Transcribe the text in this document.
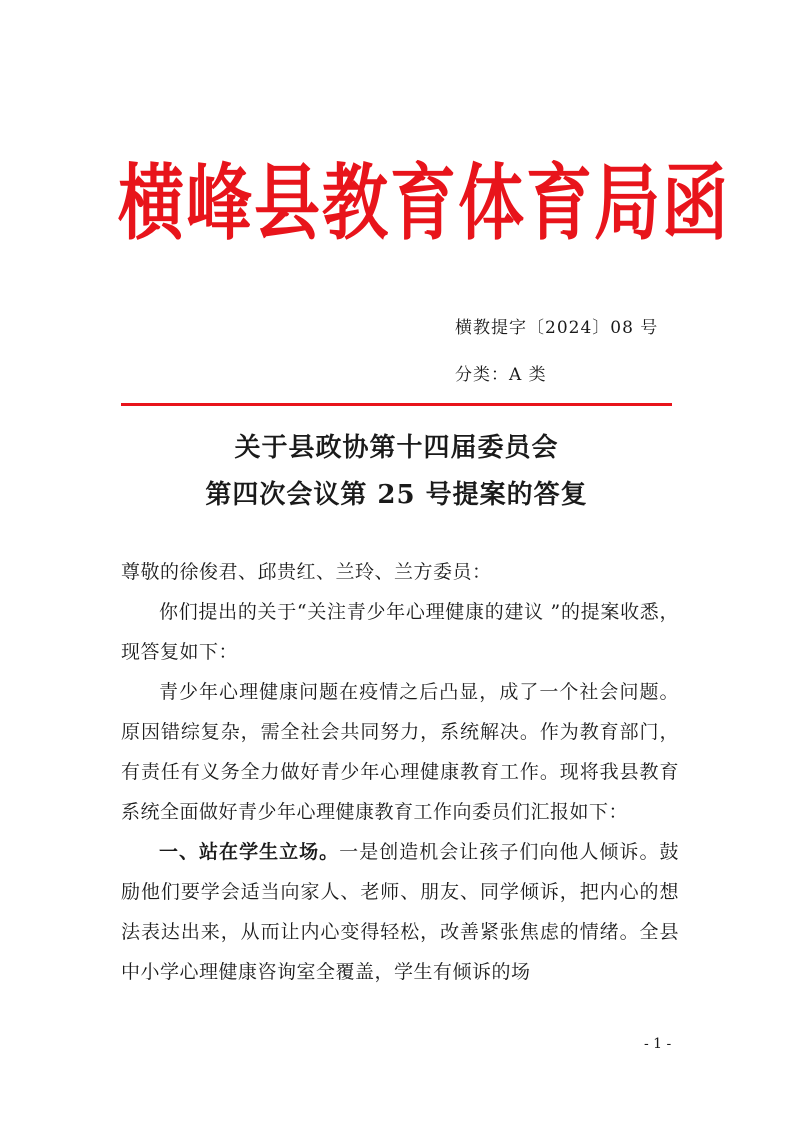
横峰县教育体育局函
横教提字〔2024〕08 号
分类：A 类
关于县政协第十四届委员会
第四次会议第 25 号提案的答复

尊敬的徐俊君、邱贵红、兰玲、兰方委员：

你们提出的关于“关注青少年心理健康的建议 ”的提案收悉，现答复如下：

青少年心理健康问题在疫情之后凸显，成了一个社会问题。原因错综复杂，需全社会共同努力，系统解决。作为教育部门，有责任有义务全力做好青少年心理健康教育工作。现将我县教育系统全面做好青少年心理健康教育工作向委员们汇报如下：

一、站在学生立场。一是创造机会让孩子们向他人倾诉。鼓励他们要学会适当向家人、老师、朋友、同学倾诉，把内心的想法表达出来，从而让内心变得轻松，改善紧张焦虑的情绪。全县中小学心理健康咨询室全覆盖，学生有倾诉的场

- 1 -
